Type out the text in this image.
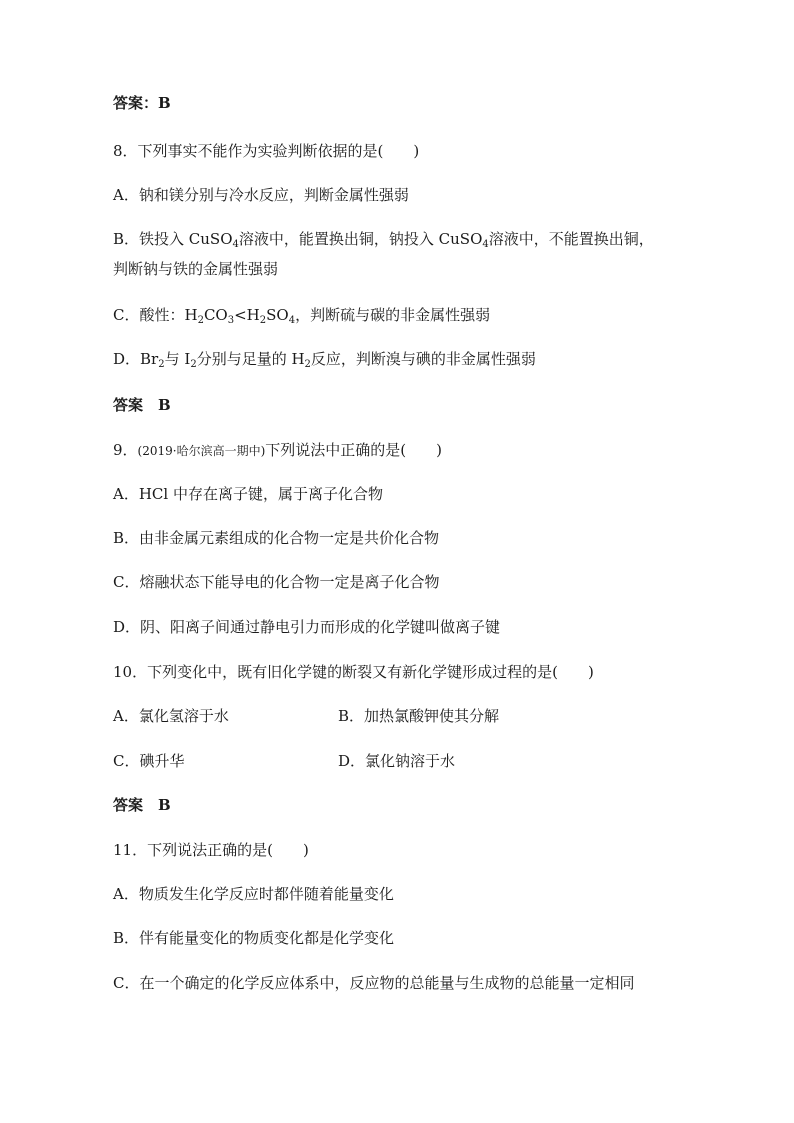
答案：B
8．下列事实不能作为实验判断依据的是(　　)
A．钠和镁分别与冷水反应，判断金属性强弱
B．铁投入 CuSO$_4$溶液中，能置换出铜，钠投入 CuSO$_4$溶液中，不能置换出铜，
判断钠与铁的金属性强弱
C．酸性：$H_2CO_3<H_2SO_4$，判断硫与碳的非金属性强弱
D．$Br_2$与 $I_2$分别与足量的 $H_2$反应，判断溴与碘的非金属性强弱
答案　B
9．(2019·哈尔滨高一期中)下列说法中正确的是(　　)
A．HCl 中存在离子键，属于离子化合物
B．由非金属元素组成的化合物一定是共价化合物
C．熔融状态下能导电的化合物一定是离子化合物
D．阴、阳离子间通过静电引力而形成的化学键叫做离子键
10．下列变化中，既有旧化学键的断裂又有新化学键形成过程的是(　　)
A．氯化氢溶于水	B．加热氯酸钾使其分解
C．碘升华	D．氯化钠溶于水
答案　B
11．下列说法正确的是(　　)
A．物质发生化学反应时都伴随着能量变化
B．伴有能量变化的物质变化都是化学变化
C．在一个确定的化学反应体系中，反应物的总能量与生成物的总能量一定相同
